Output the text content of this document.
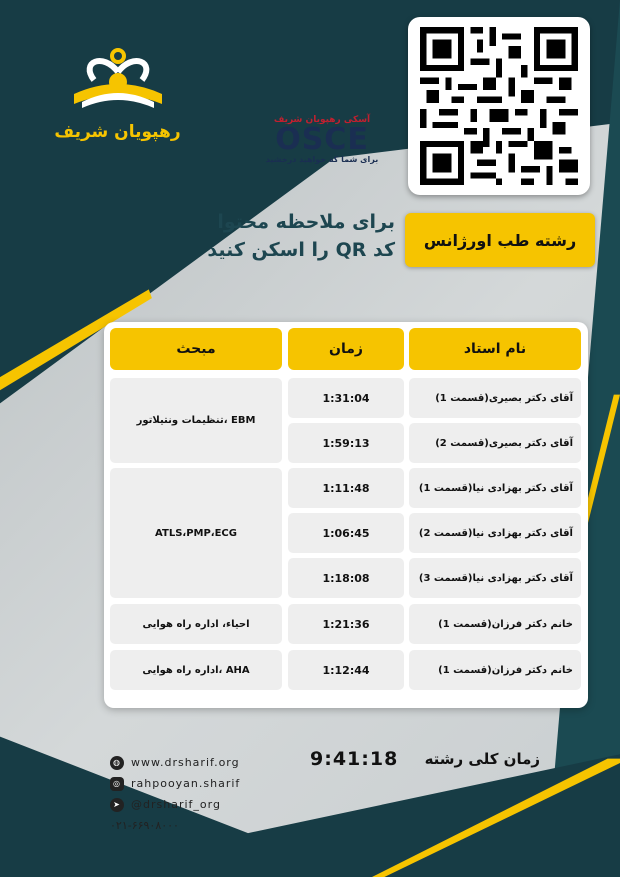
رهپویان شریف
آسکی رهپویان شریف
OSCE
برای شما که خواهید درخشید
برای ملاحظه محتوا
کد QR را اسکن کنید	رشته طب اورژانس
نام استاد
زمان
مبحث
آقای دکتر بصیری(قسمت 1)
1:31:04
آقای دکتر بصیری(قسمت 2)
1:59:13
آقای دکتر بهزادی نیا(قسمت 1)
1:11:48
آقای دکتر بهزادی نیا(قسمت 2)
1:06:45
آقای دکتر بهزادی نیا(قسمت 3)
1:18:08
خانم دکتر فرزان(قسمت 1)
1:21:36
خانم دکتر فرزان(قسمت 1)
1:12:44
EBM ،تنظیمات ونتیلاتور
ATLS،PMP،ECG
احیاء، اداره راه هوایی
AHA ،اداره راه هوایی
◍ www.drsharif.org
◎ rahpooyan.sharif
➤ @drsharif_org
۰۲۱-۶۶۹۰۸۰۰۰
9:41:18 زمان کلی رشته
